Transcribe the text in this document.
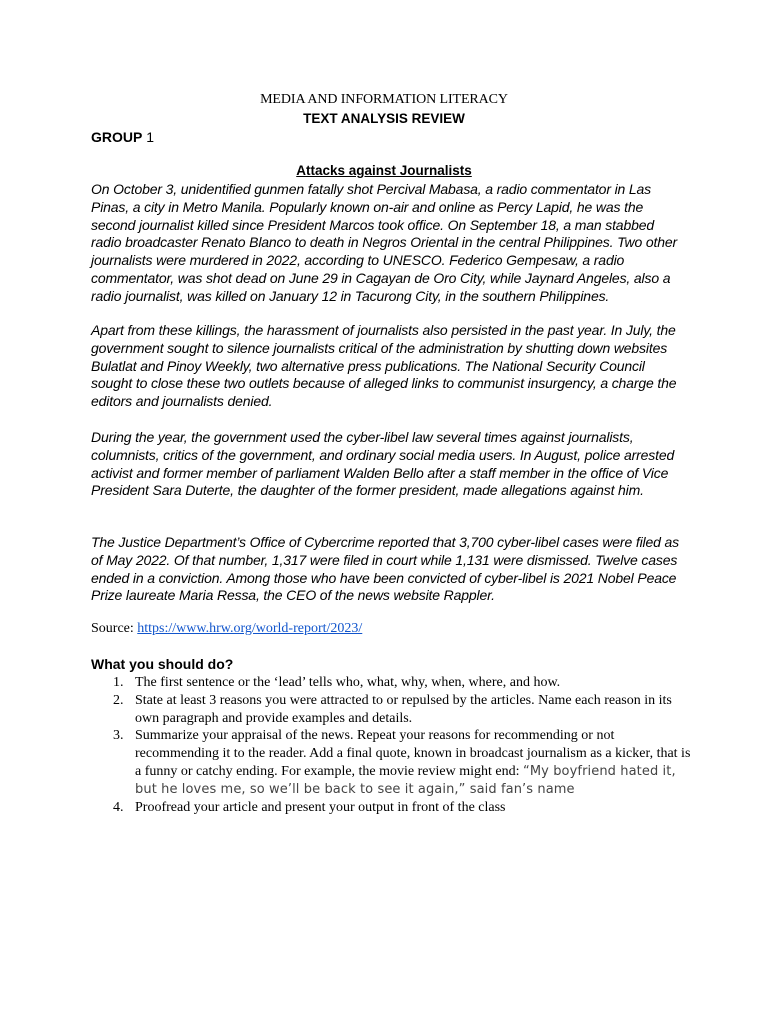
MEDIA AND INFORMATION LITERACY
TEXT ANALYSIS REVIEW
GROUP 1
Attacks against Journalists

On October 3, unidentified gunmen fatally shot Percival Mabasa, a radio commentator in Las Pinas, a city in Metro Manila. Popularly known on-air and online as Percy Lapid, he was the second journalist killed since President Marcos took office. On September 18, a man stabbed radio broadcaster Renato Blanco to death in Negros Oriental in the central Philippines. Two other journalists were murdered in 2022, according to UNESCO. Federico Gempesaw, a radio commentator, was shot dead on June 29 in Cagayan de Oro City, while Jaynard Angeles, also a radio journalist, was killed on January 12 in Tacurong City, in the southern Philippines.

Apart from these killings, the harassment of journalists also persisted in the past year. In July, the government sought to silence journalists critical of the administration by shutting down websites Bulatlat and Pinoy Weekly, two alternative press publications. The National Security Council sought to close these two outlets because of alleged links to communist insurgency, a charge the editors and journalists denied.

During the year, the government used the cyber-libel law several times against journalists, columnists, critics of the government, and ordinary social media users. In August, police arrested activist and former member of parliament Walden Bello after a staff member in the office of Vice President Sara Duterte, the daughter of the former president, made allegations against him.

The Justice Department’s Office of Cybercrime reported that 3,700 cyber-libel cases were filed as of May 2022. Of that number, 1,317 were filed in court while 1,131 were dismissed. Twelve cases ended in a conviction. Among those who have been convicted of cyber-libel is 2021 Nobel Peace Prize laureate Maria Ressa, the CEO of the news website Rappler.

Source: https://www.hrw.org/world-report/2023/
What you should do?
1. The first sentence or the ‘lead’ tells who, what, why, when, where, and how.
2. State at least 3 reasons you were attracted to or repulsed by the articles. Name each reason in its own paragraph and provide examples and details.
3. Summarize your appraisal of the news. Repeat your reasons for recommending or not recommending it to the reader. Add a final quote, known in broadcast journalism as a kicker, that is a funny or catchy ending. For example, the movie review might end: “My boyfriend hated it, but he loves me, so we’ll be back to see it again,” said fan’s name
4. Proofread your article and present your output in front of the class
